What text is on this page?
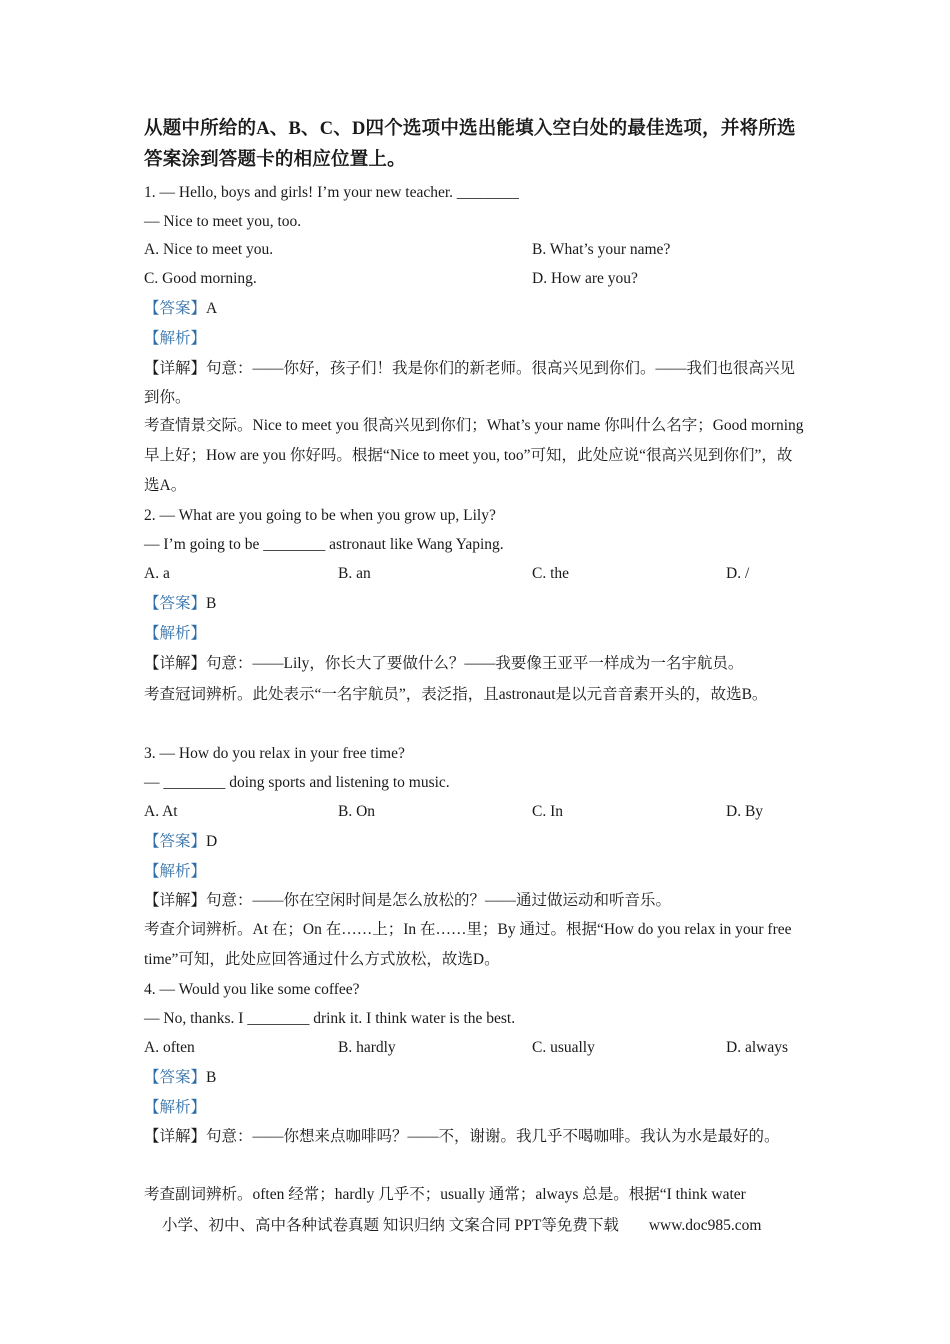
从题中所给的A、B、C、D四个选项中选出能填入空白处的最佳选项，并将所选答案涂到答题卡的相应位置上。
1. — Hello, boys and girls! I’m your new teacher. ________
— Nice to meet you, too.
A. Nice to meet you.	B. What’s your name?
C. Good morning.	D. How are you?
【答案】A
【解析】
【详解】句意：——你好，孩子们！我是你们的新老师。很高兴见到你们。——我们也很高兴见到你。
考查情景交际。Nice to meet you 很高兴见到你们；What’s your name 你叫什么名字；Good morning 早上好；How are you 你好吗。根据“Nice to meet you, too”可知，此处应说“很高兴见到你们”，故选A。
2. — What are you going to be when you grow up, Lily?
— I’m going to be ________ astronaut like Wang Yaping.
A. a	B. an	C. the	D. /
【答案】B
【解析】
【详解】句意：——Lily，你长大了要做什么？——我要像王亚平一样成为一名宇航员。
考查冠词辨析。此处表示“一名宇航员”，表泛指，且astronaut是以元音音素开头的，故选B。
3. — How do you relax in your free time?
— ________ doing sports and listening to music.
A. At	B. On	C. In	D. By
【答案】D
【解析】
【详解】句意：——你在空闲时间是怎么放松的？——通过做运动和听音乐。
考查介词辨析。At 在；On 在……上；In 在……里；By 通过。根据“How do you relax in your free time”可知，此处应回答通过什么方式放松，故选D。
4. — Would you like some coffee?
— No, thanks. I ________ drink it. I think water is the best.
A. often	B. hardly	C. usually	D. always
【答案】B
【解析】
【详解】句意：——你想来点咖啡吗？——不，谢谢。我几乎不喝咖啡。我认为水是最好的。
考查副词辨析。often 经常；hardly 几乎不；usually 通常；always 总是。根据“I think water
小学、初中、高中各种试卷真题 知识归纳 文案合同 PPT等免费下载 www.doc985.com
